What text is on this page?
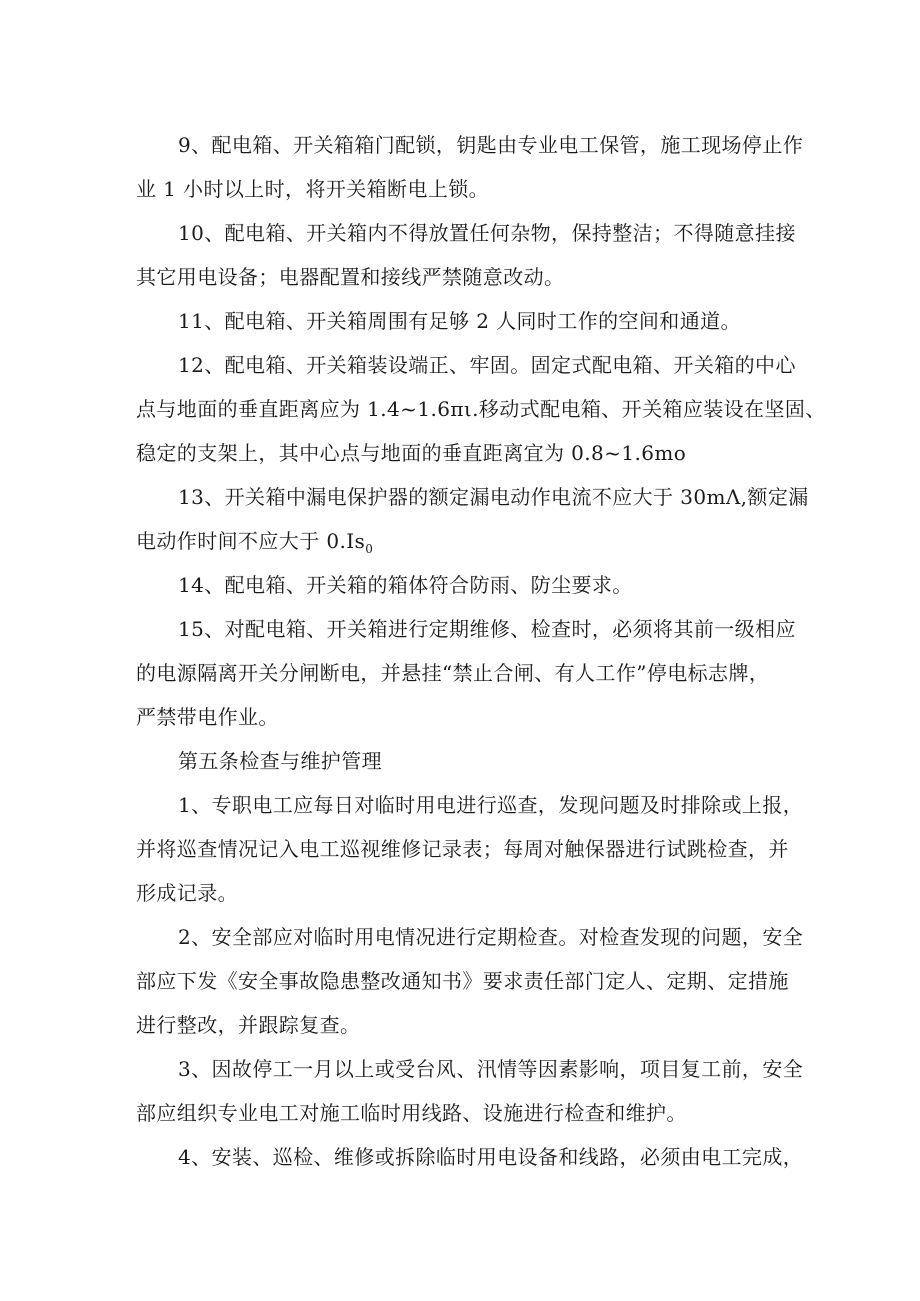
9、配电箱、开关箱箱门配锁，钥匙由专业电工保管，施工现场停止作
业 1 小时以上时，将开关箱断电上锁。
10、配电箱、开关箱内不得放置任何杂物，保持整洁；不得随意挂接
其它用电设备；电器配置和接线严禁随意改动。
11、配电箱、开关箱周围有足够 2 人同时工作的空间和通道。
12、配电箱、开关箱装设端正、牢固。固定式配电箱、开关箱的中心
点与地面的垂直距离应为 1.4~1.6πι.移动式配电箱、开关箱应装设在坚固、
稳定的支架上，其中心点与地面的垂直距离宜为 0.8~1.6mo
13、开关箱中漏电保护器的额定漏电动作电流不应大于 30mΛ,额定漏
电动作时间不应大于 $0.Is_0$
14、配电箱、开关箱的箱体符合防雨、防尘要求。
15、对配电箱、开关箱进行定期维修、检查时，必须将其前一级相应
的电源隔离开关分闸断电，并悬挂“禁止合闸、有人工作”停电标志牌，
严禁带电作业。
第五条检查与维护管理
1、专职电工应每日对临时用电进行巡查，发现问题及时排除或上报，
并将巡查情况记入电工巡视维修记录表；每周对触保器进行试跳检查，并
形成记录。
2、安全部应对临时用电情况进行定期检查。对检查发现的问题，安全
部应下发《安全事故隐患整改通知书》要求责任部门定人、定期、定措施
进行整改，并跟踪复查。
3、因故停工一月以上或受台风、汛情等因素影响，项目复工前，安全
部应组织专业电工对施工临时用线路、设施进行检查和维护。
4、安装、巡检、维修或拆除临时用电设备和线路，必须由电工完成，
